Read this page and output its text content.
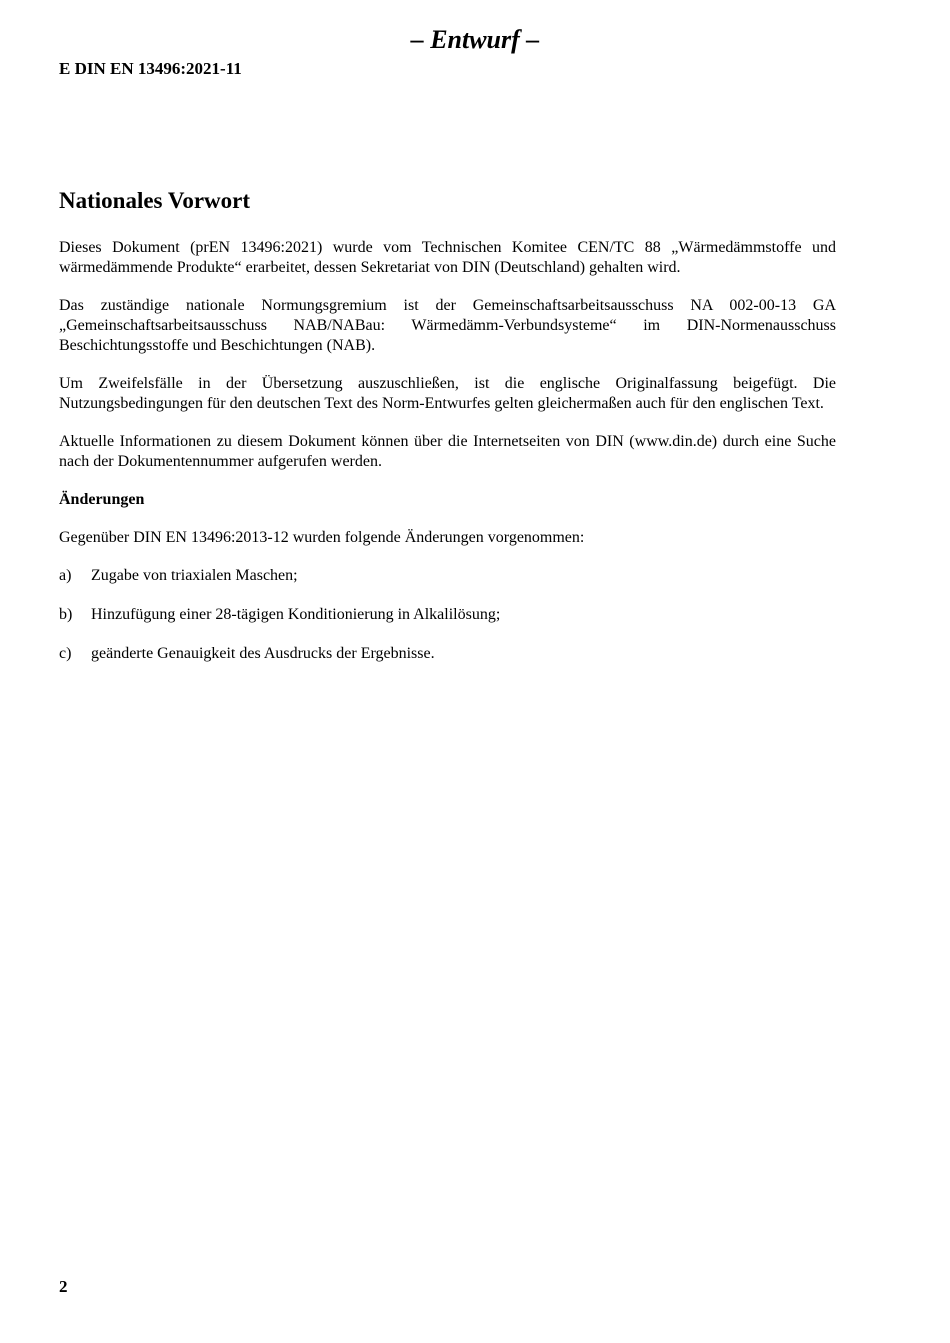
– Entwurf –
E DIN EN 13496:2021-11
Nationales Vorwort

Dieses Dokument (prEN 13496:2021) wurde vom Technischen Komitee CEN/TC 88 „Wärmedämmstoffe und wärmedämmende Produkte“ erarbeitet, dessen Sekretariat von DIN (Deutschland) gehalten wird.

Das zuständige nationale Normungsgremium ist der Gemeinschaftsarbeitsausschuss NA 002-00-13 GA „Gemeinschaftsarbeitsausschuss NAB/NABau: Wärmedämm-Verbundsysteme“ im DIN-Normenausschuss Beschichtungsstoffe und Beschichtungen (NAB).

Um Zweifelsfälle in der Übersetzung auszuschließen, ist die englische Originalfassung beigefügt. Die Nutzungsbedingungen für den deutschen Text des Norm-Entwurfes gelten gleichermaßen auch für den englischen Text.

Aktuelle Informationen zu diesem Dokument können über die Internetseiten von DIN (www.din.de) durch eine Suche nach der Dokumentennummer aufgerufen werden.

Änderungen

Gegenüber DIN EN 13496:2013-12 wurden folgende Änderungen vorgenommen:

a)	Zugabe von triaxialen Maschen;
b)	Hinzufügung einer 28-tägigen Konditionierung in Alkalilösung;
c)	geänderte Genauigkeit des Ausdrucks der Ergebnisse.
2
